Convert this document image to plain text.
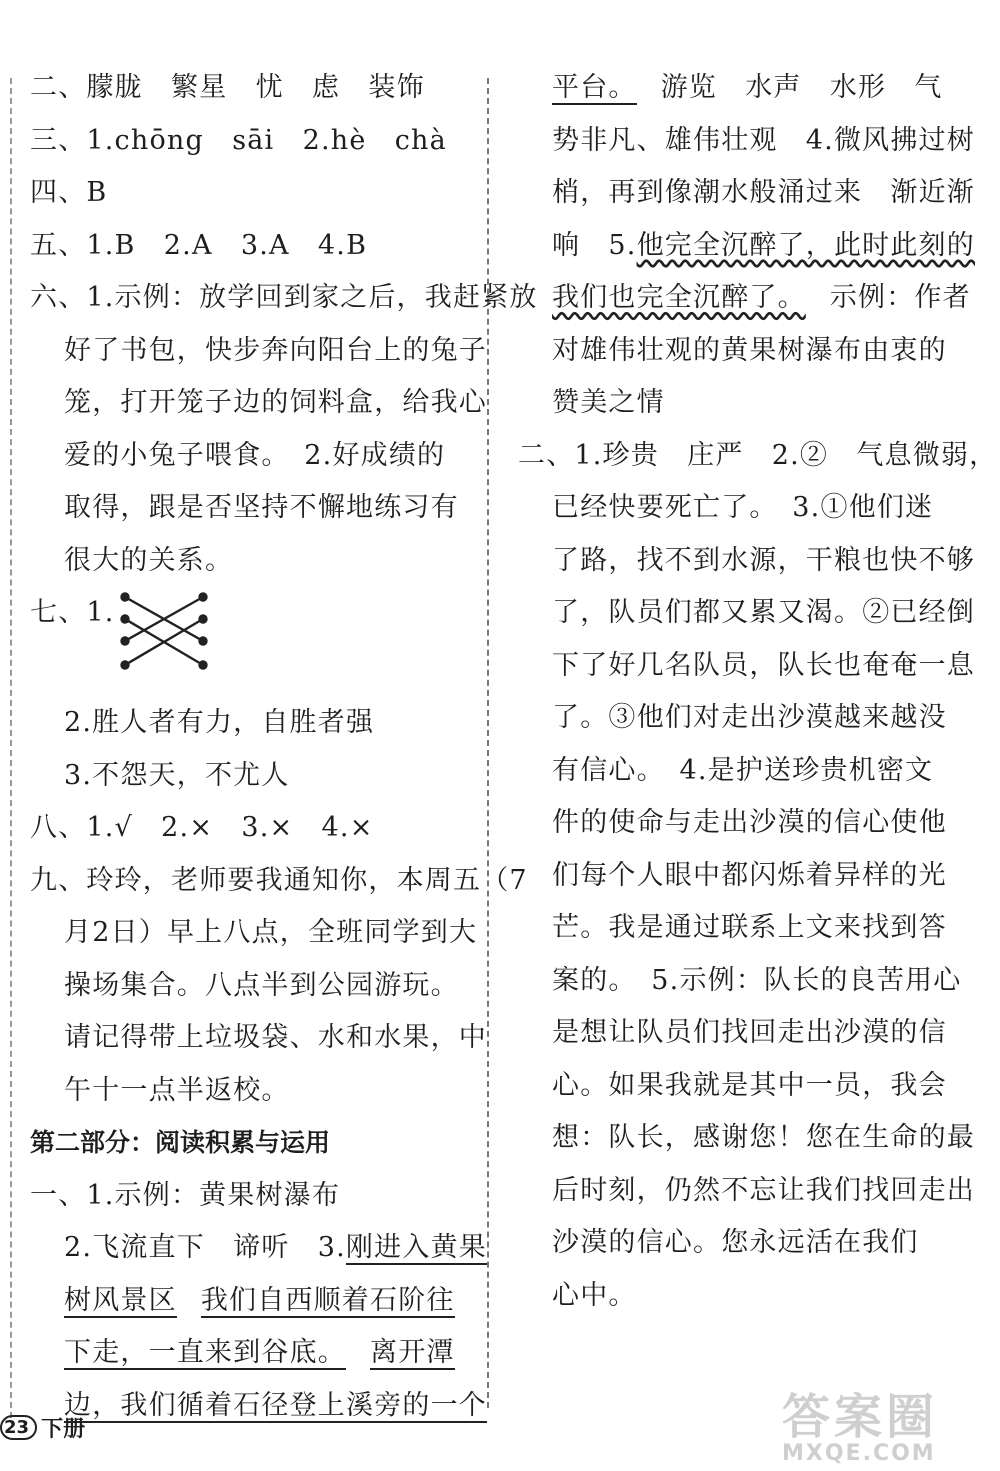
二、朦胧　繁星　忧　虑　装饰
三、1.chōng　sāi　2.hè　chà
四、B
五、1.B　2.A　3.A　4.B
六、1.示例：放学回到家之后，我赶紧放
好了书包，快步奔向阳台上的兔子
笼，打开笼子边的饲料盒，给我心
爱的小兔子喂食。　2.好成绩的
取得，跟是否坚持不懈地练习有
很大的关系。
七、1.
2.胜人者有力，自胜者强
3.不怨天，不尤人
八、1.√　2.×　3.×　4.×
九、玲玲，老师要我通知你，本周五（7
月2日）早上八点，全班同学到大
操场集合。八点半到公园游玩。
请记得带上垃圾袋、水和水果，中
午十一点半返校。
第二部分：阅读积累与运用
一、1.示例：黄果树瀑布
2.飞流直下　谛听　3.刚进入黄果
树风景区 我们自西顺着石阶往
下走，一直来到谷底。 离开潭
边，我们循着石径登上溪旁的一个
平台。 游览　水声　水形　气
势非凡、雄伟壮观　4.微风拂过树
梢，再到像潮水般涌过来　渐近渐
响　5.他完全沉醉了，此时此刻的
我们也完全沉醉了。 示例：作者
对雄伟壮观的黄果树瀑布由衷的
赞美之情
二、1.珍贵　庄严　2.②　气息微弱，
已经快要死亡了。　3.①他们迷
了路，找不到水源，干粮也快不够
了，队员们都又累又渴。②已经倒
下了好几名队员，队长也奄奄一息
了。③他们对走出沙漠越来越没
有信心。　4.是护送珍贵机密文
件的使命与走出沙漠的信心使他
们每个人眼中都闪烁着异样的光
芒。我是通过联系上文来找到答
案的。　5.示例：队长的良苦用心
是想让队员们找回走出沙漠的信
心。如果我就是其中一员，我会
想：队长，感谢您！您在生命的最
后时刻，仍然不忘让我们找回走出
沙漠的信心。您永远活在我们
心中。
23 下册	答案圈
MXQE.COM
